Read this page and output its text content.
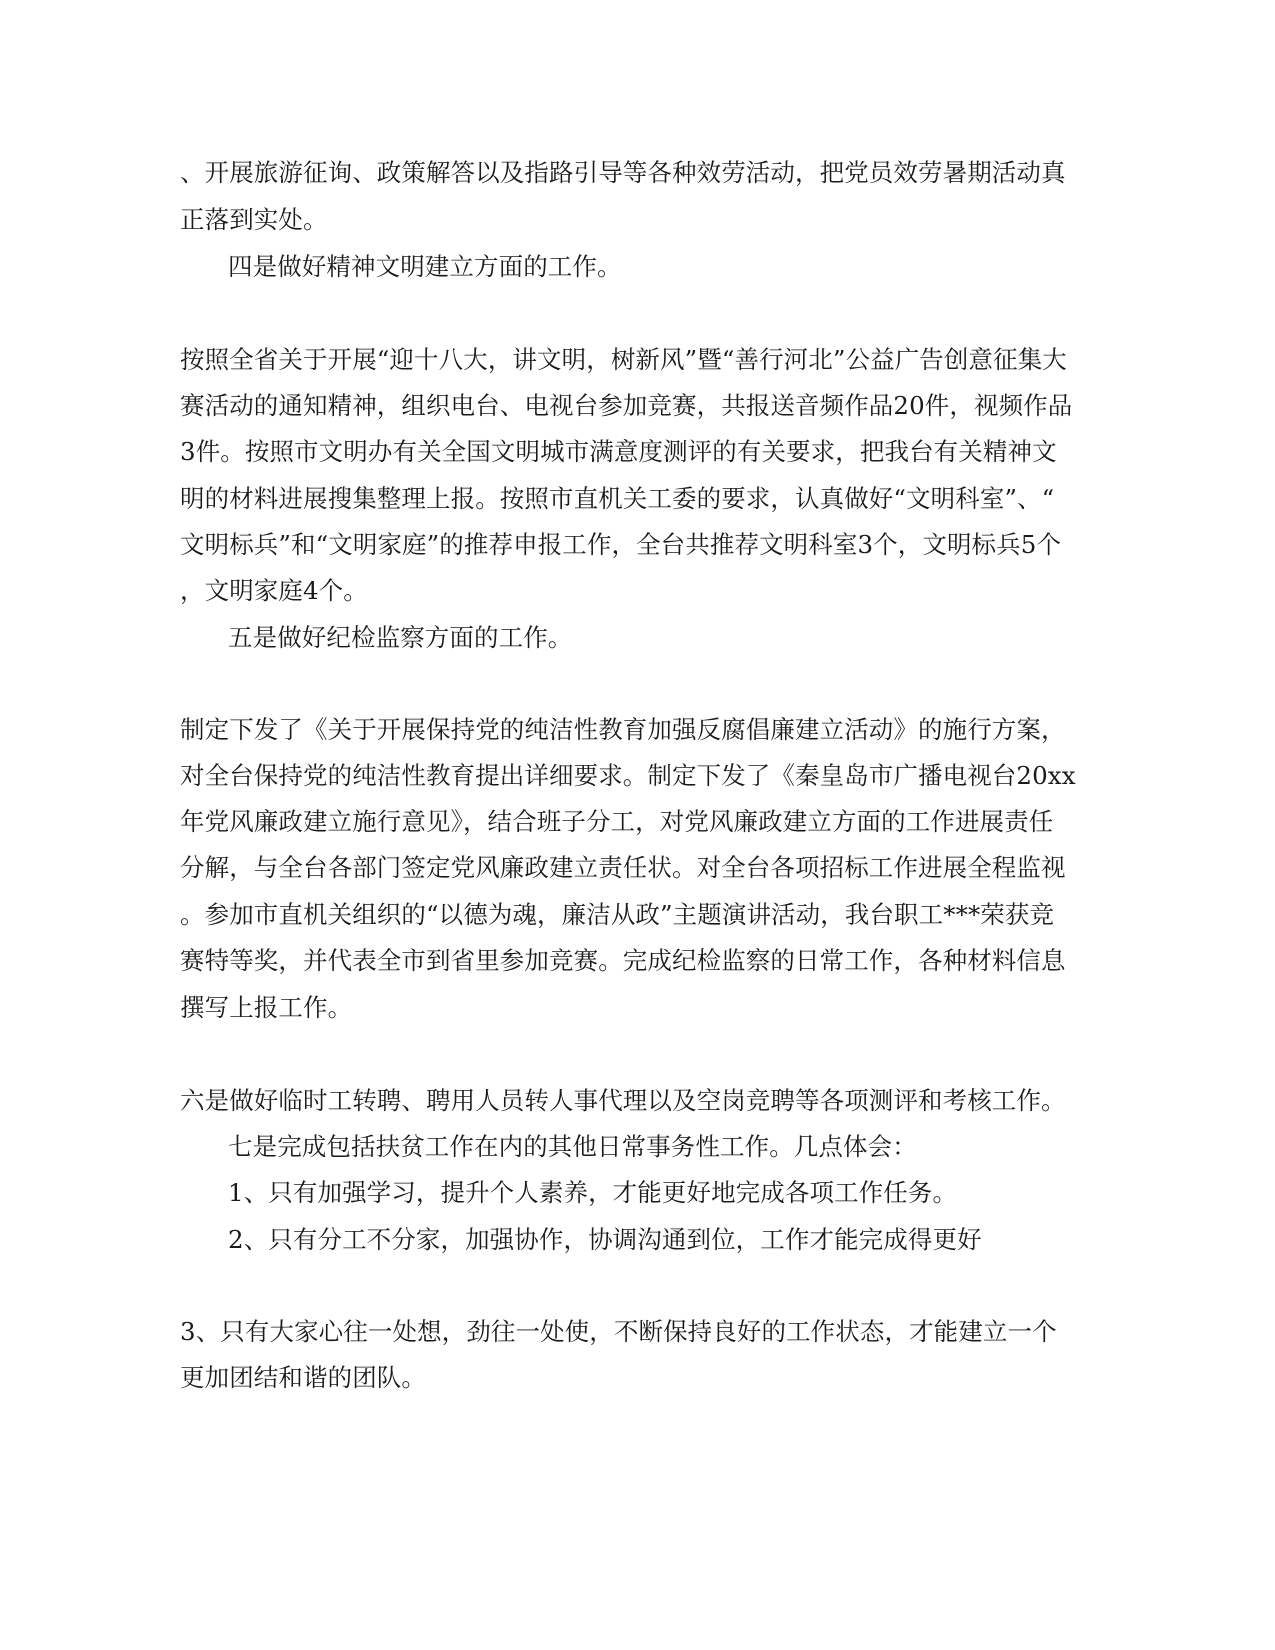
、开展旅游征询、政策解答以及指路引导等各种效劳活动，把党员效劳暑期活动真

正落到实处。

四是做好精神文明建立方面的工作。

按照全省关于开展“迎十八大，讲文明，树新风”暨“善行河北”公益广告创意征集大

赛活动的通知精神，组织电台、电视台参加竞赛，共报送音频作品20件，视频作品

3件。按照市文明办有关全国文明城市满意度测评的有关要求，把我台有关精神文

明的材料进展搜集整理上报。按照市直机关工委的要求，认真做好“文明科室”、“

文明标兵”和“文明家庭”的推荐申报工作，全台共推荐文明科室3个，文明标兵5个

，文明家庭4个。

五是做好纪检监察方面的工作。

制定下发了《关于开展保持党的纯洁性教育加强反腐倡廉建立活动》的施行方案，

对全台保持党的纯洁性教育提出详细要求。制定下发了《秦皇岛市广播电视台20xx

年党风廉政建立施行意见》，结合班子分工，对党风廉政建立方面的工作进展责任

分解，与全台各部门签定党风廉政建立责任状。对全台各项招标工作进展全程监视

。参加市直机关组织的“以德为魂，廉洁从政”主题演讲活动，我台职工***荣获竞

赛特等奖，并代表全市到省里参加竞赛。完成纪检监察的日常工作，各种材料信息

撰写上报工作。

六是做好临时工转聘、聘用人员转人事代理以及空岗竞聘等各项测评和考核工作。

七是完成包括扶贫工作在内的其他日常事务性工作。几点体会：

1、只有加强学习，提升个人素养，才能更好地完成各项工作任务。

2、只有分工不分家，加强协作，协调沟通到位，工作才能完成得更好

3、只有大家心往一处想，劲往一处使，不断保持良好的工作状态，才能建立一个

更加团结和谐的团队。
